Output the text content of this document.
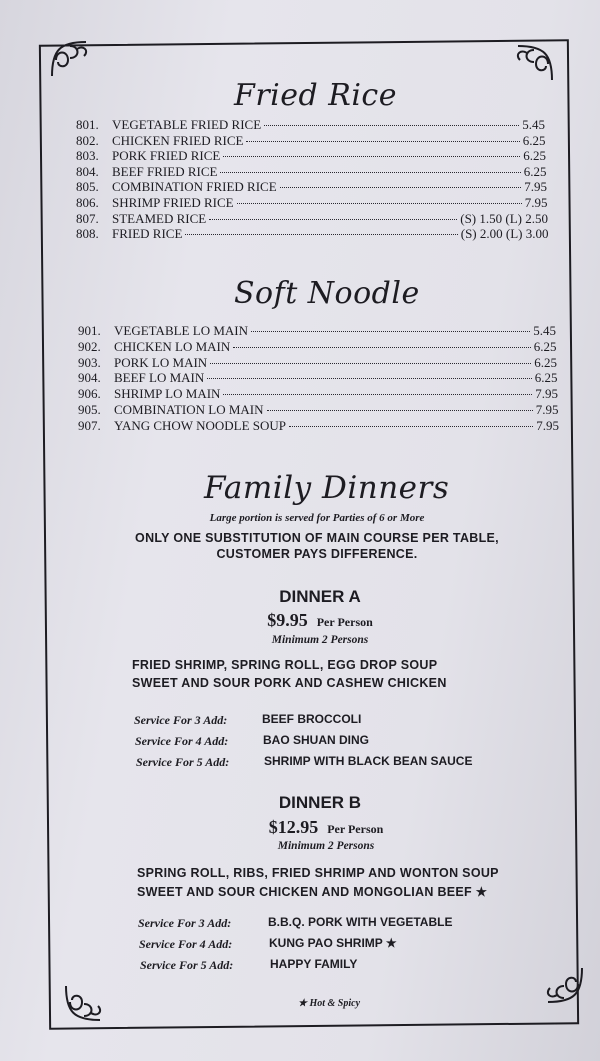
Fried Rice
801.	VEGETABLE FRIED RICE	5.45
802.	CHICKEN FRIED RICE	6.25
803.	PORK FRIED RICE	6.25
804.	BEEF FRIED RICE	6.25
805.	COMBINATION FRIED RICE	7.95
806.	SHRIMP FRIED RICE	7.95
807.	STEAMED RICE	(S) 1.50 (L) 2.50
808.	FRIED RICE	(S) 2.00 (L) 3.00
Soft Noodle
901.	VEGETABLE LO MAIN	5.45
902.	CHICKEN LO MAIN	6.25
903.	PORK LO MAIN	6.25
904.	BEEF LO MAIN	6.25
906.	SHRIMP LO MAIN	7.95
905.	COMBINATION LO MAIN	7.95
907.	YANG CHOW NOODLE SOUP	7.95
Family Dinners
Large portion is served for Parties of 6 or More
ONLY ONE SUBSTITUTION OF MAIN COURSE PER TABLE,
CUSTOMER PAYS DIFFERENCE.
DINNER A
$9.95 Per Person
Minimum 2 Persons
FRIED SHRIMP, SPRING ROLL, EGG DROP SOUP
SWEET AND SOUR PORK AND CASHEW CHICKEN
Service For 3 Add:	BEEF BROCCOLI
Service For 4 Add:	BAO SHUAN DING
Service For 5 Add:	SHRIMP WITH BLACK BEAN SAUCE
DINNER B
$12.95 Per Person
Minimum 2 Persons
SPRING ROLL, RIBS, FRIED SHRIMP AND WONTON SOUP
SWEET AND SOUR CHICKEN AND MONGOLIAN BEEF ★
Service For 3 Add:	B.B.Q. PORK WITH VEGETABLE
Service For 4 Add:	KUNG PAO SHRIMP ★
Service For 5 Add:	HAPPY FAMILY
★ Hot & Spicy
